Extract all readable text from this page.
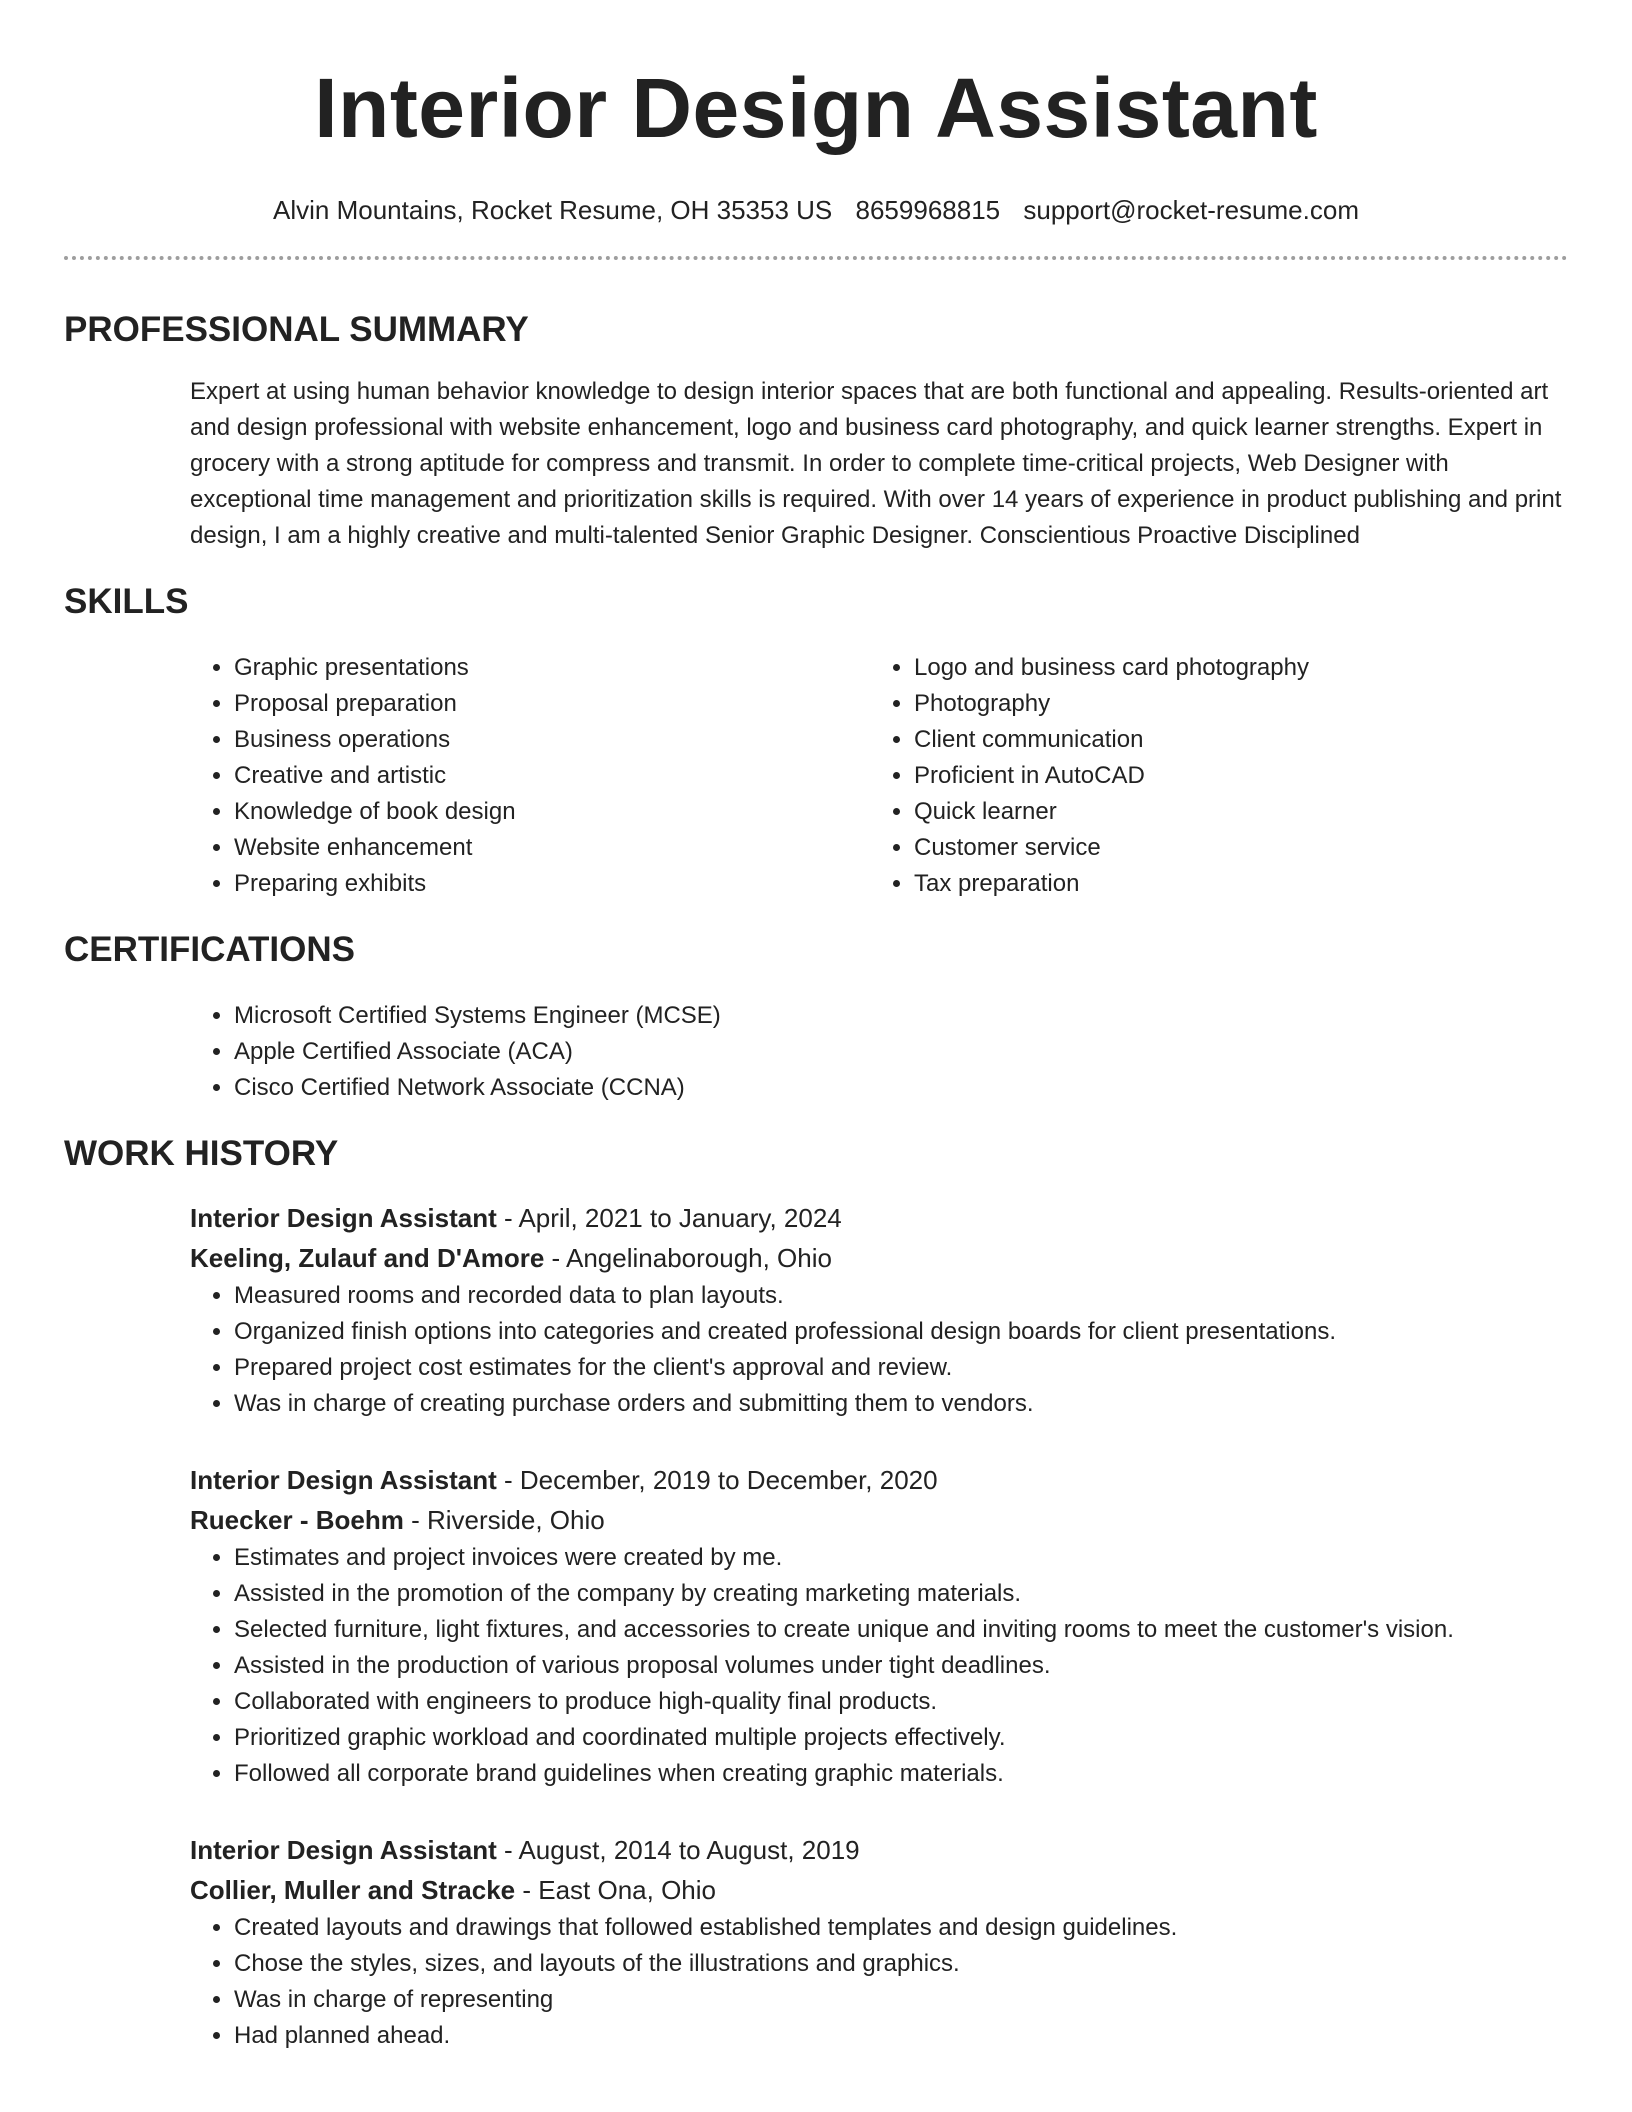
Interior Design Assistant
Alvin Mountains, Rocket Resume, OH 35353 US 8659968815 support@rocket-resume.com
PROFESSIONAL SUMMARY
Expert at using human behavior knowledge to design interior spaces that are both functional and appealing. Results-oriented art and design professional with website enhancement, logo and business card photography, and quick learner strengths. Expert in grocery with a strong aptitude for compress and transmit. In order to complete time-critical projects, Web Designer with exceptional time management and prioritization skills is required. With over 14 years of experience in product publishing and print design, I am a highly creative and multi-talented Senior Graphic Designer. Conscientious Proactive Disciplined
SKILLS
• Graphic presentations
• Proposal preparation
• Business operations
• Creative and artistic
• Knowledge of book design
• Website enhancement
• Preparing exhibits
• Logo and business card photography
• Photography
• Client communication
• Proficient in AutoCAD
• Quick learner
• Customer service
• Tax preparation
CERTIFICATIONS
• Microsoft Certified Systems Engineer (MCSE)
• Apple Certified Associate (ACA)
• Cisco Certified Network Associate (CCNA)
WORK HISTORY
Interior Design Assistant - April, 2021 to January, 2024
Keeling, Zulauf and D'Amore - Angelinaborough, Ohio
• Measured rooms and recorded data to plan layouts.
• Organized finish options into categories and created professional design boards for client presentations.
• Prepared project cost estimates for the client's approval and review.
• Was in charge of creating purchase orders and submitting them to vendors.
Interior Design Assistant - December, 2019 to December, 2020
Ruecker - Boehm - Riverside, Ohio
• Estimates and project invoices were created by me.
• Assisted in the promotion of the company by creating marketing materials.
• Selected furniture, light fixtures, and accessories to create unique and inviting rooms to meet the customer's vision.
• Assisted in the production of various proposal volumes under tight deadlines.
• Collaborated with engineers to produce high-quality final products.
• Prioritized graphic workload and coordinated multiple projects effectively.
• Followed all corporate brand guidelines when creating graphic materials.
Interior Design Assistant - August, 2014 to August, 2019
Collier, Muller and Stracke - East Ona, Ohio
• Created layouts and drawings that followed established templates and design guidelines.
• Chose the styles, sizes, and layouts of the illustrations and graphics.
• Was in charge of representing
• Had planned ahead.
